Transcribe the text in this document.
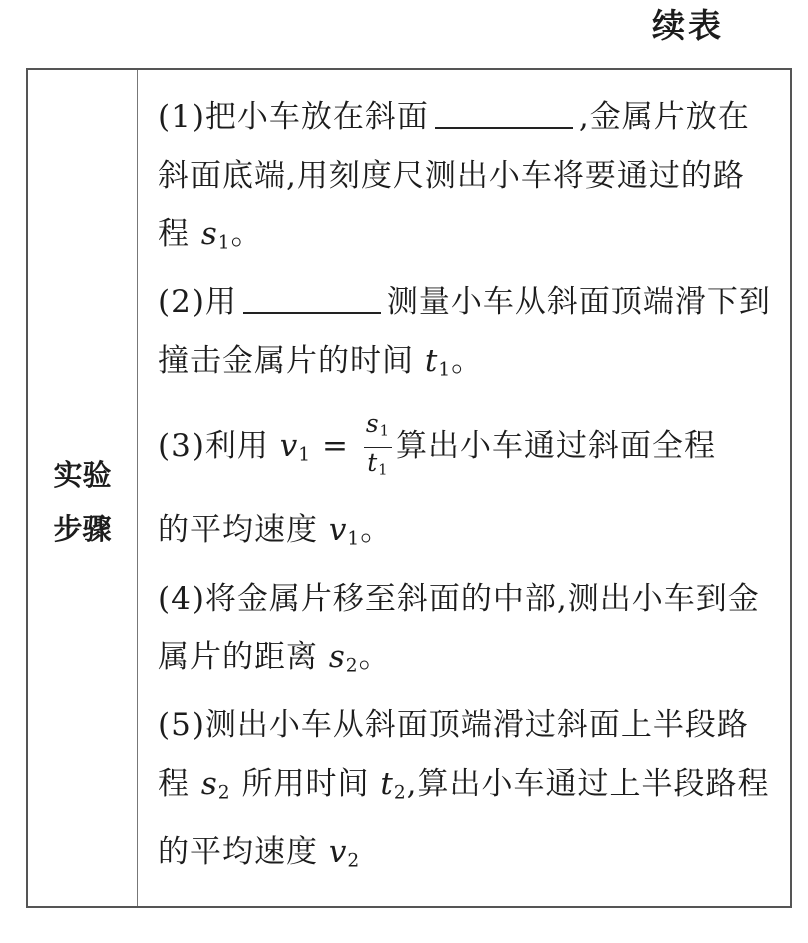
续表
实验
步骤
(1)把小车放在斜面	,金属片放在斜面底端,用刻度尺测出小车将要通过的路程 $s_1$。
(2)用	测量小车从斜面顶端滑下到撞击金属片的时间 $t_1$。
(3)利用 $v_1 = \frac{s_1}{t_1}$ 算出小车通过斜面全程
的平均速度 $v_1$。
(4)将金属片移至斜面的中部,测出小车到金属片的距离 $s_2$。
(5)测出小车从斜面顶端滑过斜面上半段路程 $s_2$ 所用时间 $t_2$,算出小车通过上半段路程的平均速度 $v_2$
